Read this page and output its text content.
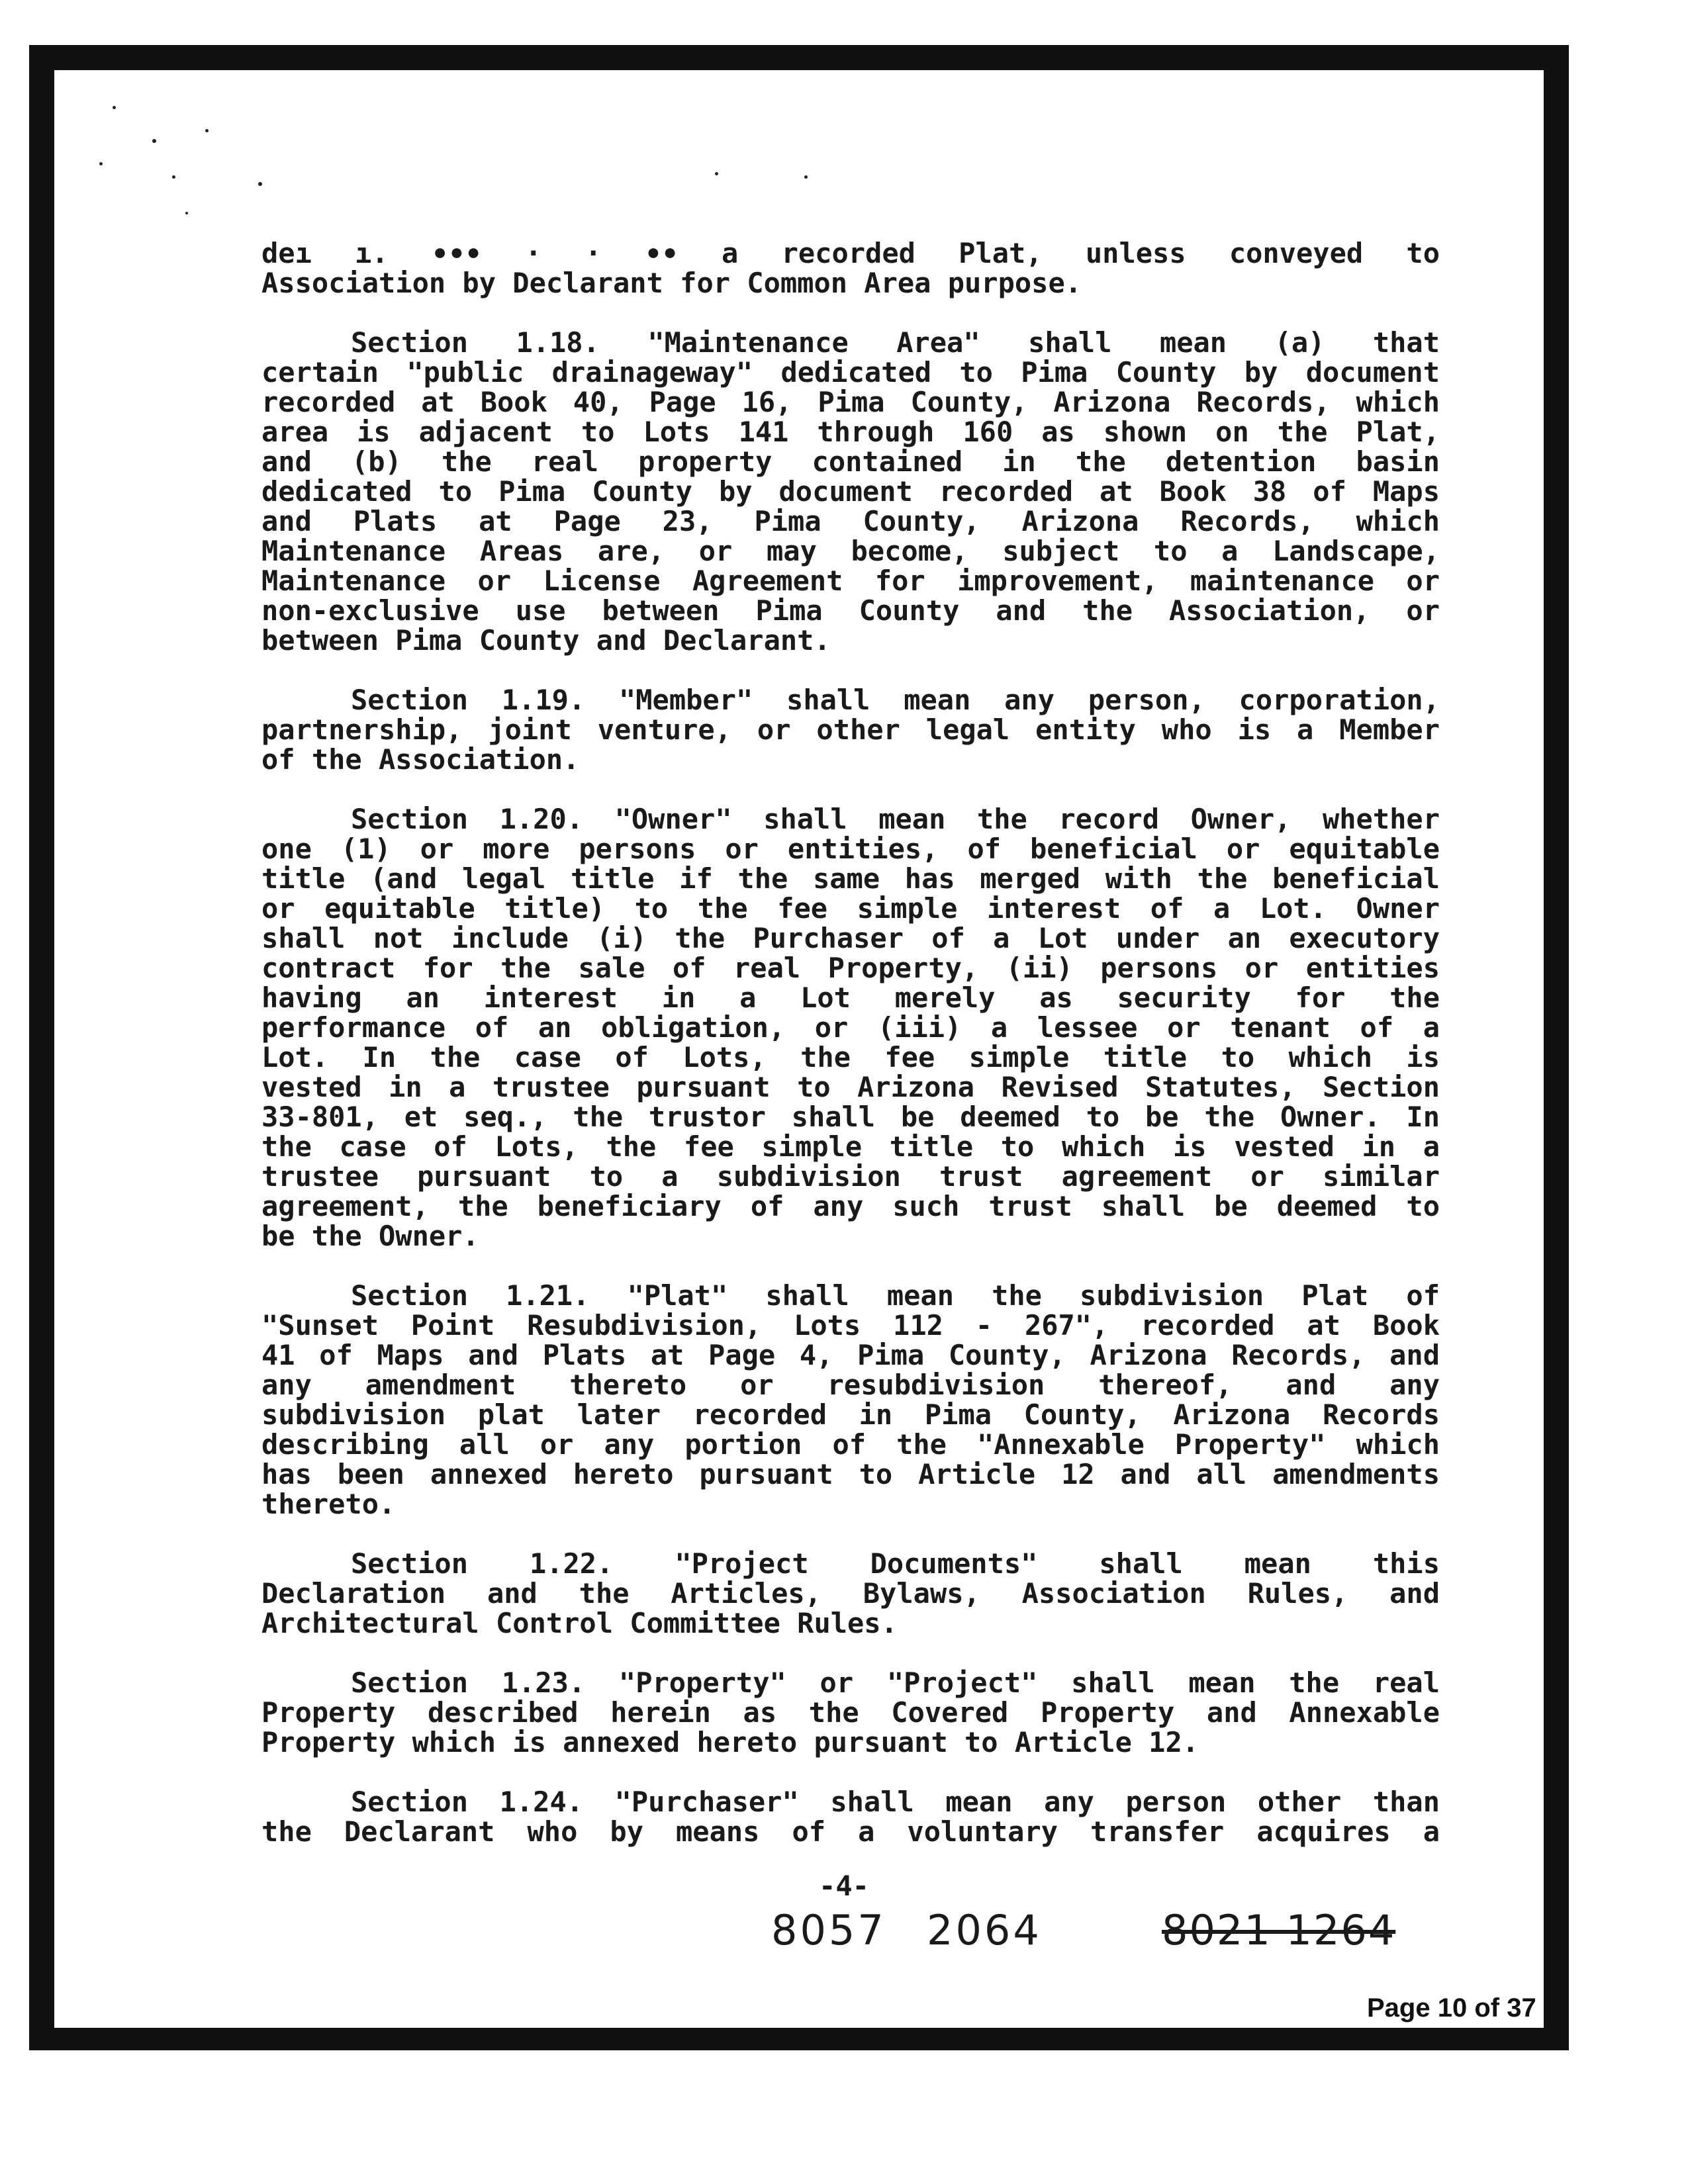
deı ı. ∙∙∙ · · ∙∙ a recorded Plat, unless conveyed to
Association by Declarant for Common Area purpose.
Section 1.18. "Maintenance Area" shall mean (a) that
certain "public drainageway" dedicated to Pima County by document
recorded at Book 40, Page 16, Pima County, Arizona Records, which
area is adjacent to Lots 141 through 160 as shown on the Plat,
and (b) the real property contained in the detention basin
dedicated to Pima County by document recorded at Book 38 of Maps
and Plats at Page 23, Pima County, Arizona Records, which
Maintenance Areas are, or may become, subject to a Landscape,
Maintenance or License Agreement for improvement, maintenance or
non-exclusive use between Pima County and the Association, or
between Pima County and Declarant.
Section 1.19. "Member" shall mean any person, corporation,
partnership, joint venture, or other legal entity who is a Member
of the Association.
Section 1.20. "Owner" shall mean the record Owner, whether
one (1) or more persons or entities, of beneficial or equitable
title (and legal title if the same has merged with the beneficial
or equitable title) to the fee simple interest of a Lot. Owner
shall not include (i) the Purchaser of a Lot under an executory
contract for the sale of real Property, (ii) persons or entities
having an interest in a Lot merely as security for the
performance of an obligation, or (iii) a lessee or tenant of a
Lot. In the case of Lots, the fee simple title to which is
vested in a trustee pursuant to Arizona Revised Statutes, Section
33-801, et seq., the trustor shall be deemed to be the Owner. In
the case of Lots, the fee simple title to which is vested in a
trustee pursuant to a subdivision trust agreement or similar
agreement, the beneficiary of any such trust shall be deemed to
be the Owner.
Section 1.21. "Plat" shall mean the subdivision Plat of
"Sunset Point Resubdivision, Lots 112 - 267", recorded at Book
41 of Maps and Plats at Page 4, Pima County, Arizona Records, and
any amendment thereto or resubdivision thereof, and any
subdivision plat later recorded in Pima County, Arizona Records
describing all or any portion of the "Annexable Property" which
has been annexed hereto pursuant to Article 12 and all amendments
thereto.
Section 1.22. "Project Documents" shall mean this
Declaration and the Articles, Bylaws, Association Rules, and
Architectural Control Committee Rules.
Section 1.23. "Property" or "Project" shall mean the real
Property described herein as the Covered Property and Annexable
Property which is annexed hereto pursuant to Article 12.
Section 1.24. "Purchaser" shall mean any person other than
the Declarant who by means of a voluntary transfer acquires a
-4-
8057 2064	8021 1264
Page 10 of 37
